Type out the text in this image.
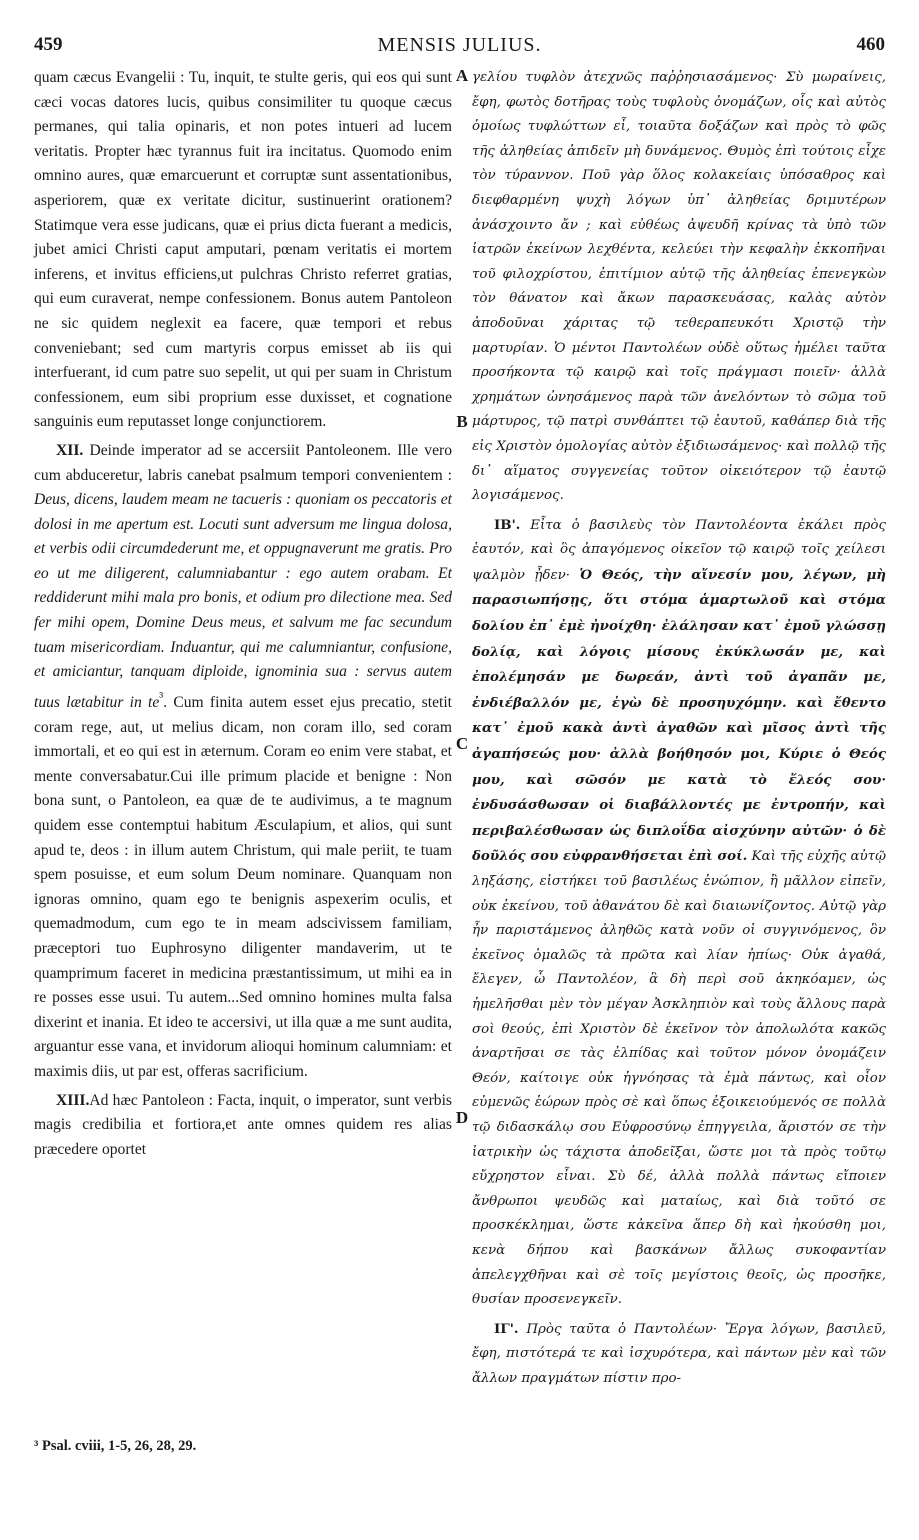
459	MENSIS JULIUS.	460

quam cæcus Evangelii : Tu, inquit, te stulte geris, qui eos qui sunt cæci vocas datores lucis, quibus consimiliter tu quoque cæcus permanes, qui talia opinaris, et non potes intueri ad lucem veritatis. Propter hæc tyrannus fuit ira incitatus. Quomodo enim omnino aures, quæ emarcuerunt et corruptæ sunt assentationibus, asperiorem, quæ ex veritate dicitur, sustinuerint orationem? Statimque vera esse judicans, quæ ei prius dicta fuerant a medicis, jubet amici Christi caput amputari, pœnam veritatis ei mortem inferens, et invitus efficiens,ut pulchras Christo referret gratias, qui eum curaverat, nempe confessionem. Bonus autem Pantoleon ne sic quidem neglexit ea facere, quæ tempori et rebus conveniebant; sed cum martyris corpus emisset ab iis qui interfuerant, id cum patre suo sepelit, ut qui per suam in Christum confessionem, eum sibi proprium esse duxisset, et cognatione sanguinis eum reputasset longe conjunctiorem.

XII. Deinde imperator ad se accersiit Pantoleonem. Ille vero cum abduceretur, labris canebat psalmum tempori convenientem : Deus, dicens, laudem meam ne tacueris : quoniam os peccatoris et dolosi in me apertum est. Locuti sunt adversum me lingua dolosa, et verbis odii circumdederunt me, et oppugnaverunt me gratis. Pro eo ut me diligerent, calumniabantur : ego autem orabam. Et reddiderunt mihi mala pro bonis, et odium pro dilectione mea. Sed fer mihi opem, Domine Deus meus, et salvum me fac secundum tuam misericordiam. Induantur, qui me calumniantur, confusione, et amiciantur, tanquam diploide, ignominia sua : servus autem tuus lætabitur in $te^{^3}$. Cum finita autem esset ejus precatio, stetit coram rege, aut, ut melius dicam, non coram illo, sed coram immortali, et eo qui est in æternum. Coram eo enim vere stabat, et mente conversabatur.Cui ille primum placide et benigne : Non bona sunt, o Pantoleon, ea quæ de te audivimus, a te magnum quidem esse contemptui habitum Æsculapium, et alios, qui sunt apud te, deos : in illum autem Christum, qui male periit, te tuam spem posuisse, et eum solum Deum nominare. Quanquam non ignoras omnino, quam ego te benignis aspexerim oculis, et quemadmodum, cum ego te in meam adscivissem familiam, præceptori tuo Euphrosyno diligenter mandaverim, ut te quamprimum faceret in medicina præstantissimum, ut mihi ea in re posses esse usui. Tu autem...Sed omnino homines multa falsa dixerint et inania. Et ideo te accersivi, ut illa quæ a me sunt audita, arguantur esse vana, et invidorum alioqui hominum calumniam: et maximis diis, ut par est, offeras sacrificium.

XIII.Ad hæc Pantoleon : Facta, inquit, o imperator, sunt verbis magis credibilia et fortiora,et ante omnes quidem res alias præcedere oportet

A
B
C
D

γελίου τυφλὸν ἀτεχνῶς παῤῥησιασάμενος· Σὺ μωραίνεις, ἔφη, φωτὸς δοτῆρας τοὺς τυφλοὺς ὀνομάζων, οἷς καὶ αὐτὸς ὁμοίως τυφλώττων εἶ, τοιαῦτα δοξάζων καὶ πρὸς τὸ φῶς τῆς ἀληθείας ἀπιδεῖν μὴ δυνάμενος. Θυμὸς ἐπὶ τούτοις εἶχε τὸν τύραννον. Ποῦ γὰρ ὅλος κολακείαις ὑπόσαθρος καὶ διεφθαρμένη ψυχὴ λόγων ὑπ᾽ ἀληθείας δριμυτέρων ἀνάσχοιντο ἄν ; καὶ εὐθέως ἀψευδῆ κρίνας τὰ ὑπὸ τῶν ἰατρῶν ἐκείνων λεχθέντα, κελεύει τὴν κεφαλὴν ἐκκοπῆναι τοῦ φιλοχρίστου, ἐπιτίμιον αὐτῷ τῆς ἀληθείας ἐπενεγκὼν τὸν θάνατον καὶ ἄκων παρασκευάσας, καλὰς αὐτὸν ἀποδοῦναι χάριτας τῷ τεθεραπευκότι Χριστῷ τὴν μαρτυρίαν. Ὁ μέντοι Παντολέων οὐδὲ οὕτως ἠμέλει ταῦτα προσήκοντα τῷ καιρῷ καὶ τοῖς πράγμασι ποιεῖν· ἀλλὰ χρημάτων ὠνησάμενος παρὰ τῶν ἀνελόντων τὸ σῶμα τοῦ μάρτυρος, τῷ πατρὶ συνθάπτει τῷ ἑαυτοῦ, καθάπερ διὰ τῆς εἰς Χριστὸν ὁμολογίας αὐτὸν ἐξιδιωσάμενος· καὶ πολλῷ τῆς δι᾽ αἵματος συγγενείας τοῦτον οἰκειότερον τῷ ἑαυτῷ λογισάμενος.

ΙΒ'. Εἶτα ὁ βασιλεὺς τὸν Παντολέοντα ἐκάλει πρὸς ἑαυτόν, καὶ ὃς ἀπαγόμενος οἰκεῖον τῷ καιρῷ τοῖς χείλεσι ψαλμὸν ᾖδεν· Ὁ Θεός, τὴν αἴνεσίν μου, λέγων, μὴ παρασιωπήσῃς, ὅτι στόμα ἁμαρτωλοῦ καὶ στόμα δολίου ἐπ᾽ ἐμὲ ἠνοίχθη· ἐλάλησαν κατ᾽ ἐμοῦ γλώσσῃ δολίᾳ, καὶ λόγοις μίσους ἐκύκλωσάν με, καὶ ἐπολέμησάν με δωρεάν, ἀντὶ τοῦ ἀγαπᾶν με, ἐνδιέβαλλόν με, ἐγὼ δὲ προσηυχόμην. καὶ ἔθεντο κατ᾽ ἐμοῦ κακὰ ἀντὶ ἀγαθῶν καὶ μῖσος ἀντὶ τῆς ἀγαπήσεώς μου· ἀλλὰ βοήθησόν μοι, Κύριε ὁ Θεός μου, καὶ σῶσόν με κατὰ τὸ ἔλεός σου· ἐνδυσάσθωσαν οἱ διαβάλλοντές με ἐντροπήν, καὶ περιβαλέσθωσαν ὡς διπλοΐδα αἰσχύνην αὐτῶν· ὁ δὲ δοῦλός σου εὐφρανθήσεται ἐπὶ σοί. Καὶ τῆς εὐχῆς αὐτῷ ληξάσης, εἱστήκει τοῦ βασιλέως ἐνώπιον, ἢ μᾶλλον εἰπεῖν, οὐκ ἐκείνου, τοῦ ἀθανάτου δὲ καὶ διαιωνίζοντος. Αὐτῷ γὰρ ἦν παριστάμενος ἀληθῶς κατὰ νοῦν οἱ συγγινόμενος, ὃν ἐκεῖνος ὁμαλῶς τὰ πρῶτα καὶ λίαν ἠπίως· Οὐκ ἀγαθά, ἔλεγεν, ὦ Παντολέον, ἃ δὴ περὶ σοῦ ἀκηκόαμεν, ὡς ἠμελῆσθαι μὲν τὸν μέγαν Ἀσκληπιὸν καὶ τοὺς ἄλλους παρὰ σοὶ θεούς, ἐπὶ Χριστὸν δὲ ἐκεῖνον τὸν ἀπολωλότα κακῶς ἀναρτῆσαι σε τὰς ἐλπίδας καὶ τοῦτον μόνον ὀνομάζειν Θεόν, καίτοιγε οὐκ ἠγνόησας τὰ ἐμὰ πάντως, καὶ οἷον εὐμενῶς ἑώρων πρὸς σὲ καὶ ὅπως ἐξοικειούμενός σε πολλὰ τῷ διδασκάλῳ σου Εὐφροσύνῳ ἐπηγγειλα, ἄριστόν σε τὴν ἰατρικὴν ὡς τάχιστα ἀποδεῖξαι, ὥστε μοι τὰ πρὸς τοῦτῳ εὔχρηστον εἶναι. Σὺ δέ, ἀλλὰ πολλὰ πάντως εἴποιεν ἄνθρωποι ψευδῶς καὶ ματαίως, καὶ διὰ τοῦτό σε προσκέκλημαι, ὥστε κἀκεῖνα ἅπερ δὴ καὶ ἠκούσθη μοι, κενὰ δήπου καὶ βασκάνων ἄλλως συκοφαντίαν ἀπελεγχθῆναι καὶ σὲ τοῖς μεγίστοις θεοῖς, ὡς προσῆκε, θυσίαν προσενεγκεῖν.

ΙΓ'. Πρὸς ταῦτα ὁ Παντολέων· Ἔργα λόγων, βασιλεῦ, ἔφη, πιστότερά τε καὶ ἰσχυρότερα, καὶ πάντων μὲν καὶ τῶν ἄλλων πραγμάτων πίστιν προ-

³ Psal. cviii, 1-5, 26, 28, 29.
